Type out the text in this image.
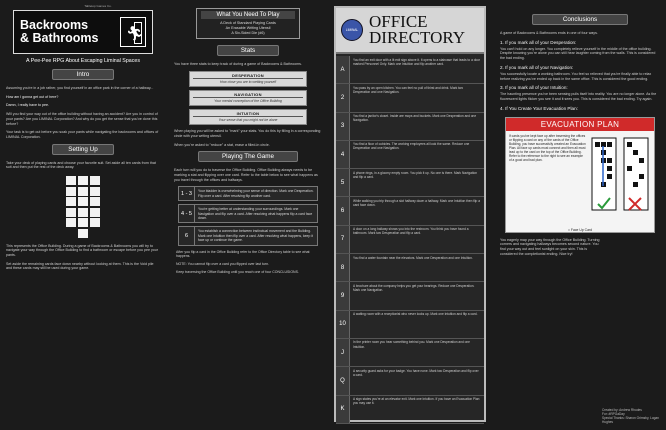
Tabletop Games Co.
Backrooms
& Bathrooms	🏃︎
A Pee-Pee RPG About Escaping Liminal Spaces
Intro

Assuming you're in a job rather, you find yourself in an office park in the corner of a hallway...

How am I gonna get out of here?

Damn, I really have to pee.

Will you find your way out of the office building without having an accident? Are you in control of your pants? Are you LIMINAL Corporation? And why do you get the sense that you've done this before?

Your task is to get out before you soak your pants while navigating the backrooms and offices of LIMINAL Corporation.

Setting Up

Take your deck of playing cards and choose your favorite suit. Set aside all ten cards from that suit and then put the rest of the deck away.

This represents the Office Building. During a game of Backrooms & Bathrooms you will try to navigate your way through the Office Building to find a bathroom or escape before you pee your pants.

Set aside the remaining cards face down nearby without looking at them. This is the Void pile and these cards may still be used during your game.

What You Need To Play
A Deck of Standard Playing Cards
An Erasable Writing Utensil
A Six-Sided Die (d6)
Stats

You have three stats to keep track of during a game of Backrooms & Bathrooms.

DESPERATION
How close you are to wetting yourself
NAVIGATION
Your mental conception of the Office Building
INTUITION
Your sense that you might not be alone

When playing you will be asked to "mark" your stats. You do this by filling in a corresponding circle with your writing utensil.

When you're asked to "reduce" a stat, erase a filled-in circle.

Playing The Game

Each turn will you do to traverse the Office Building. Office Building always needs to be marking a stat and flipping over one card. Refer to the table below to see what happens as you travel through the offices and hallways.

1 - 3	Your bladder is overwhelming your sense of direction. Mark one Desperation. Flip over a card. After resolving flip another card.
4 - 5
You're getting better at understanding your surroundings. Mark one Navigation and flip over a card. After resolving what happens flip a card face down.
6
You establish a connection between instinctual movement and the Building. Mark one Intuition then flip over a card. After resolving what happens, keep it face up or continue the game.

After you flip a card in the Office Building refer to the Office Directory table to see what happens.

NOTE: You cannot flip over a card you flipped over last turn.

Keep traversing the Office Building until you reach one of four CONCLUSIONS.

LIMINAL OFFICE
DIRECTORY
A
You find an exit door with a lit exit sign above it. It opens to a staircase that leads to a door marked Personnel Only. Mark one Intuition and flip another card.
2
You pass by an open kitchen. You can feel no pull of thirst and drink. Mark two Desperation and one Navigation.
3
You find a janitor's closet. Inside are mops and buckets. Mark one Desperation and one Navigation.
4
You find a floor of cubicles. The working employees all look the same. Reduce one Desperation and one Navigation.
5
A phone rings, in a gloomy empty room. You pick it up. No one is there. Mark Navigation and flip a card.
6
While walking you trip through a slot halfway down a hallway. Mark one Intuition then flip a card face down.
7
A door on a long hallway shows you into the restroom. You think you have found a bathroom. Mark two Desperation and flip a card.
8
You find a water fountain near the elevators. Mark one Desperation and one Intuition.
9
A brochure about the company helps you get your bearings. Reduce one Desperation. Mark one Navigation.
10
A waiting room with a receptionist who never looks up. Mark one Intuition and flip a card.
J
In the printer room you hear something behind you. Mark one Desperation and one Intuition.
Q
A security guard asks for your badge. You have none. Mark two Desperation and flip over a card.
K
A sign states you're at an elevator exit. Mark one Intuition. If you have an Evacuation Plan you may use it.
Conclusions

A game of Backrooms & Bathrooms ends in one of four ways.

1. If you mark all of your Desperation:

You can't hold on any longer. You completely relieve yourself in the middle of the office building. Despite knowing you're alone you can still hear laughter coming from the walls. This is considered the bad ending.

2. If you mark all of your Navigation:

You successfully locate a working bathroom. You feel so relieved that you're finally able to relax before realizing you've ended up back in the same office. This is considered the good ending.

3. If you mark all of your Intuition:

The haunting presence you've been sensing pulls itself into reality. You are no longer alone. As the fluorescent lights flicker you see it and it sees you. This is considered the bad ending. Try again.

4. If You Create Your Evacuation Plan:
EVACUATION PLAN
If cards you've kept face up after traversing the offices or flipping a card on any of the cards of the Office Building, you have successfully created an Evacuation Plan. All face up cards must connect and then all must lead up to the card on the top of the Office Building. Refer to the reference to the right to see an example of a good and bad plan.
= Face Up Card

You eagerly map your way through the Office Building. Turning corners and navigating hallways becomes second nature. You find your way out and feel sunlight on your skin. This is considered the completionist ending. Nice try!

Created by: Andrew Rhodes
For: #RPGaDay
Special Thanks: Sharon Grimsby, Logan Hughes
